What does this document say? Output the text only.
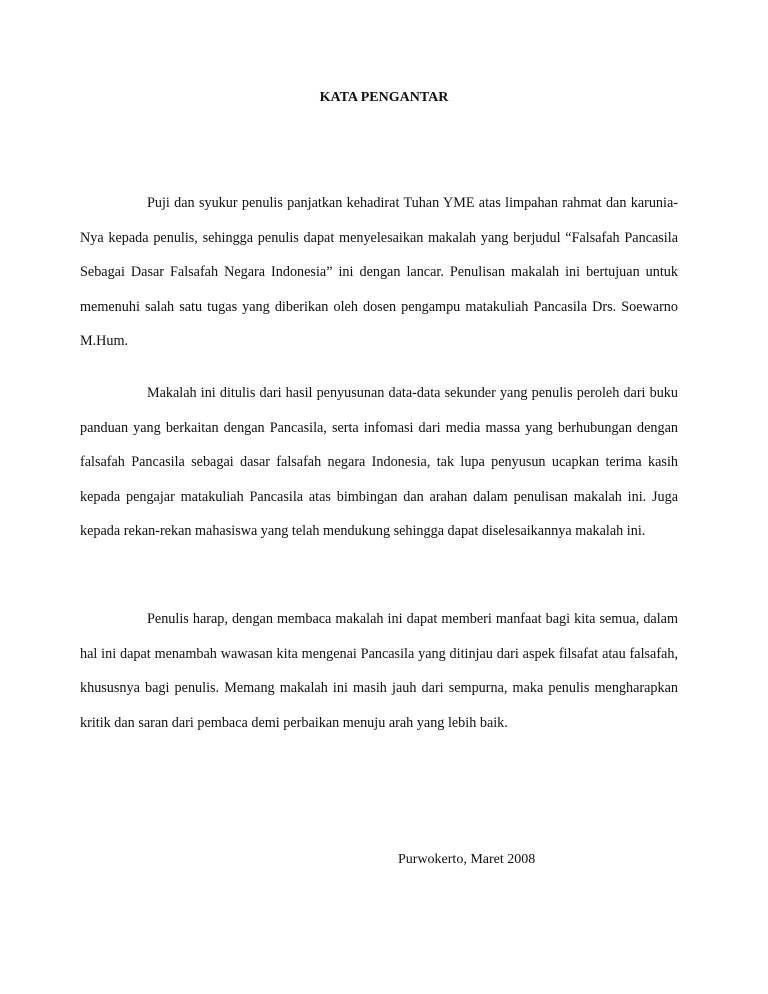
KATA PENGANTAR

Puji dan syukur penulis panjatkan kehadirat Tuhan YME atas limpahan rahmat dan karunia-Nya kepada penulis, sehingga penulis dapat menyelesaikan makalah yang berjudul “Falsafah Pancasila Sebagai Dasar Falsafah Negara Indonesia” ini dengan lancar. Penulisan makalah ini bertujuan untuk memenuhi salah satu tugas yang diberikan oleh dosen pengampu matakuliah Pancasila Drs. Soewarno M.Hum.

Makalah ini ditulis dari hasil penyusunan data-data sekunder yang penulis peroleh dari buku panduan yang berkaitan dengan Pancasila, serta infomasi dari media massa yang berhubungan dengan falsafah Pancasila sebagai dasar falsafah negara Indonesia, tak lupa penyusun ucapkan terima kasih kepada pengajar matakuliah Pancasila atas bimbingan dan arahan dalam penulisan makalah ini. Juga kepada rekan-rekan mahasiswa yang telah mendukung sehingga dapat diselesaikannya makalah ini.

Penulis harap, dengan membaca makalah ini dapat memberi manfaat bagi kita semua, dalam hal ini dapat menambah wawasan kita mengenai Pancasila yang ditinjau dari aspek filsafat atau falsafah, khususnya bagi penulis. Memang makalah ini masih jauh dari sempurna, maka penulis mengharapkan kritik dan saran dari pembaca demi perbaikan menuju arah yang lebih baik.

Purwokerto, Maret 2008
